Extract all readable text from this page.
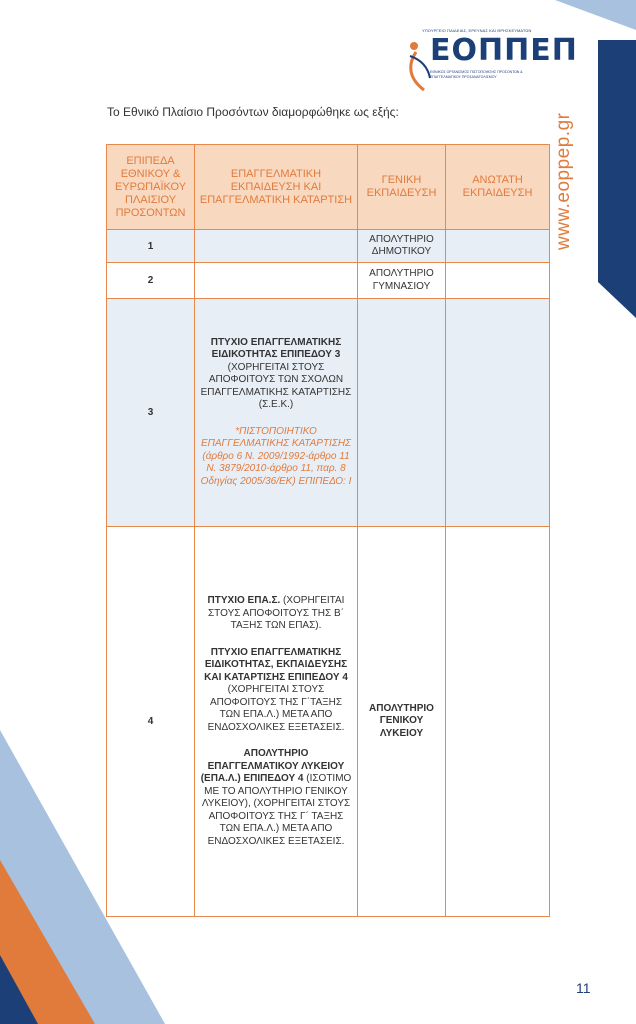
ΥΠΟΥΡΓΕΙΟ ΠΑΙΔΕΙΑΣ, ΕΡΕΥΝΑΣ ΚΑΙ ΘΡΗΣΚΕΥΜΑΤΩΝ
ΕΟΠΠΕΠ
ΕΘΝΙΚΟΣ ΟΡΓΑΝΙΣΜΟΣ ΠΙΣΤΟΠΟΙΗΣΗΣ ΠΡΟΣΟΝΤΩΝ & ΕΠΑΓΓΕΛΜΑΤΙΚΟΥ ΠΡΟΣΑΝΑΤΟΛΙΣΜΟΥ
www.eoppep.gr
Το Εθνικό Πλαίσιο Προσόντων διαμορφώθηκε ως εξής:
ΕΠΙΠΕΔΑ ΕΘΝΙΚΟΥ & ΕΥΡΩΠΑΪΚΟΥ ΠΛΑΙΣΙΟΥ ΠΡΟΣΟΝΤΩΝ	ΕΠΑΓΓΕΛΜΑΤΙΚΗ ΕΚΠΑΙΔΕΥΣΗ ΚΑΙ ΕΠΑΓΓΕΛΜΑΤΙΚΗ ΚΑΤΑΡΤΙΣΗ	ΓΕΝΙΚΗ ΕΚΠΑΙΔΕΥΣΗ	ΑΝΩΤΑΤΗ ΕΚΠΑΙΔΕΥΣΗ
1		ΑΠΟΛΥΤΗΡΙΟ ΔΗΜΟΤΙΚΟΥ	

2		ΑΠΟΛΥΤΗΡΙΟ ΓΥΜΝΑΣΙΟΥ	

3	ΠΤΥΧΙΟ ΕΠΑΓΓΕΛΜΑΤΙΚΗΣ ΕΙΔΙΚΟΤΗΤΑΣ ΕΠΙΠΕΔΟΥ 3 (ΧΟΡΗΓΕΙΤΑΙ ΣΤΟΥΣ ΑΠΟΦΟΙΤΟΥΣ ΤΩΝ ΣΧΟΛΩΝ ΕΠΑΓΓΕΛΜΑΤΙΚΗΣ ΚΑΤΑΡΤΙΣΗΣ (Σ.Ε.Κ.)

*ΠΙΣΤΟΠΟΙΗΤΙΚΟ ΕΠΑΓΓΕΛΜΑΤΙΚΗΣ ΚΑΤΑΡΤΙΣΗΣ (άρθρο 6 Ν. 2009/1992-άρθρο 11 Ν. 3879/2010-άρθρο 11, παρ. 8 Οδηγίας 2005/36/ΕΚ) ΕΠΙΠΕΔΟ: Ι		

4	ΠΤΥΧΙΟ ΕΠΑ.Σ. (ΧΟΡΗΓΕΙΤΑΙ ΣΤΟΥΣ ΑΠΟΦΟΙΤΟΥΣ ΤΗΣ Β΄ ΤΑΞΗΣ ΤΩΝ ΕΠΑΣ).

ΠΤΥΧΙΟ ΕΠΑΓΓΕΛΜΑΤΙΚΗΣ ΕΙΔΙΚΟΤΗΤΑΣ, ΕΚΠΑΙΔΕΥΣΗΣ ΚΑΙ ΚΑΤΑΡΤΙΣΗΣ ΕΠΙΠΕΔΟΥ 4 (ΧΟΡΗΓΕΙΤΑΙ ΣΤΟΥΣ ΑΠΟΦΟΙΤΟΥΣ ΤΗΣ Γ΄ΤΑΞΗΣ ΤΩΝ ΕΠΑ.Λ.) ΜΕΤΑ ΑΠΟ ΕΝΔΟΣΧΟΛΙΚΕΣ ΕΞΕΤΑΣΕΙΣ.

ΑΠΟΛΥΤΗΡΙΟ ΕΠΑΓΓΕΛΜΑΤΙΚΟΥ ΛΥΚΕΙΟΥ (ΕΠΑ.Λ.) ΕΠΙΠΕΔΟΥ 4 (ΙΣΟΤΙΜΟ ΜΕ ΤΟ ΑΠΟΛΥΤΗΡΙΟ ΓΕΝΙΚΟΥ ΛΥΚΕΙΟΥ), (ΧΟΡΗΓΕΙΤΑΙ ΣΤΟΥΣ ΑΠΟΦΟΙΤΟΥΣ ΤΗΣ Γ΄ ΤΑΞΗΣ ΤΩΝ ΕΠΑ.Λ.) ΜΕΤΑ ΑΠΟ ΕΝΔΟΣΧΟΛΙΚΕΣ ΕΞΕΤΑΣΕΙΣ.	ΑΠΟΛΥΤΗΡΙΟ ΓΕΝΙΚΟΥ ΛΥΚΕΙΟΥ	

11
